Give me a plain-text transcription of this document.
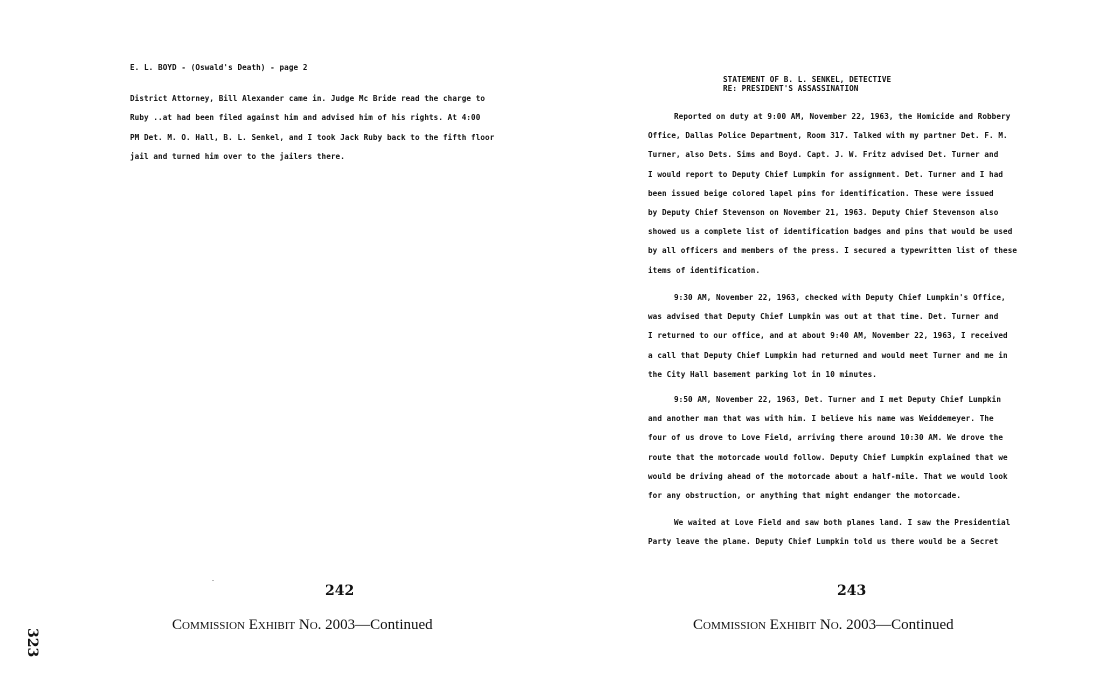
E. L. BOYD - (Oswald's Death) - page 2
District Attorney, Bill Alexander came in. Judge Mc Bride read the charge to
Ruby ..at had been filed against him and advised him of his rights. At 4:00
PM Det. M. O. Hall, B. L. Senkel, and I took Jack Ruby back to the fifth floor
jail and turned him over to the jailers there.
242
Commission Exhibit No. 2003—Continued
323
STATEMENT OF B. L. SENKEL, DETECTIVE
RE: PRESIDENT'S ASSASSINATION
Reported on duty at 9:00 AM, November 22, 1963, the Homicide and Robbery
Office, Dallas Police Department, Room 317. Talked with my partner Det. F. M.
Turner, also Dets. Sims and Boyd. Capt. J. W. Fritz advised Det. Turner and
I would report to Deputy Chief Lumpkin for assignment. Det. Turner and I had
been issued beige colored lapel pins for identification. These were issued
by Deputy Chief Stevenson on November 21, 1963. Deputy Chief Stevenson also
showed us a complete list of identification badges and pins that would be used
by all officers and members of the press. I secured a typewritten list of these
items of identification.
9:30 AM, November 22, 1963, checked with Deputy Chief Lumpkin's Office,
was advised that Deputy Chief Lumpkin was out at that time. Det. Turner and
I returned to our office, and at about 9:40 AM, November 22, 1963, I received
a call that Deputy Chief Lumpkin had returned and would meet Turner and me in
the City Hall basement parking lot in 10 minutes.
9:50 AM, November 22, 1963, Det. Turner and I met Deputy Chief Lumpkin
and another man that was with him. I believe his name was Weiddemeyer. The
four of us drove to Love Field, arriving there around 10:30 AM. We drove the
route that the motorcade would follow. Deputy Chief Lumpkin explained that we
would be driving ahead of the motorcade about a half-mile. That we would look
for any obstruction, or anything that might endanger the motorcade.
We waited at Love Field and saw both planes land. I saw the Presidential
Party leave the plane. Deputy Chief Lumpkin told us there would be a Secret
243
Commission Exhibit No. 2003—Continued
